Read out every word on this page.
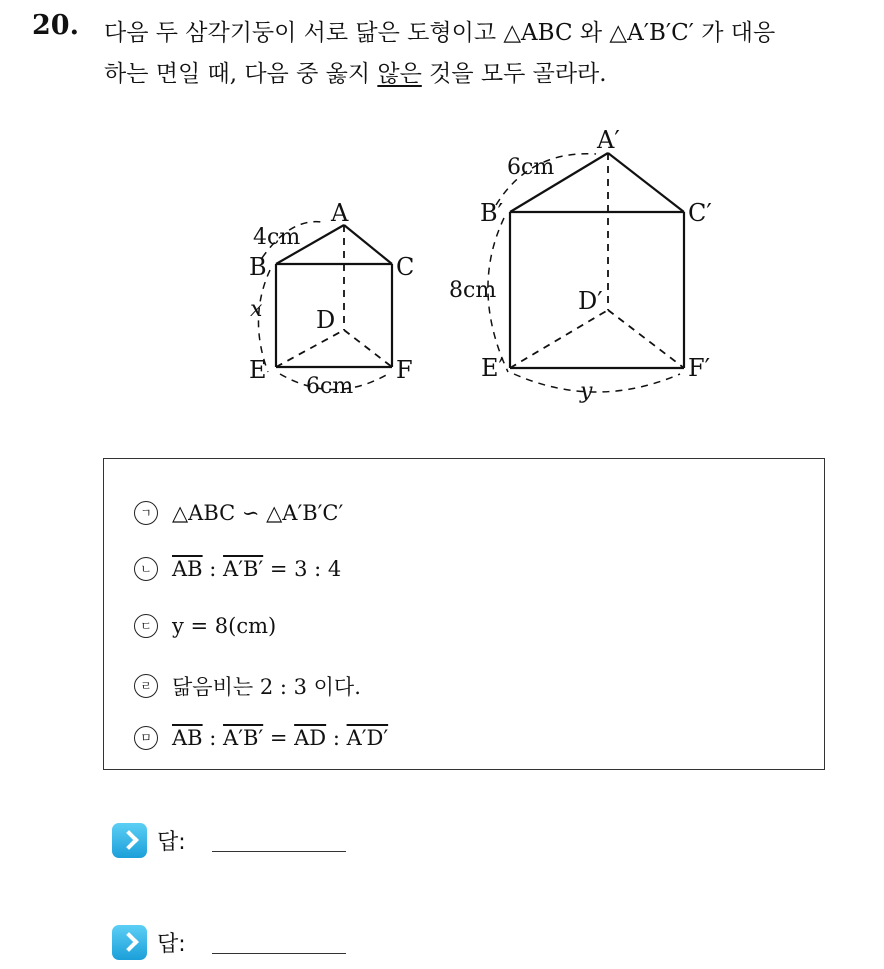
20. 다음 두 삼각기둥이 서로 닮은 도형이고 △ABC 와 △A′B′C′ 가 대응
하는 면일 때, 다음 중 옳지 않은 것을 모두 골라라.
A
B	C
D
E	F
4cm
x
6cm
A′
B′	C′
D′
E′	F′
6cm
8cm
y
ㄱ △ABC ∽ △A′B′C′
ㄴ $\overline{AB}$ : A′B′ = 3 : 4
ㄷ y = 8(cm)
ㄹ 닮음비는 2 : 3 이다.
ㅁ $\overline{AB}$ : $A'B' = \overline{AD}$ : A′D′
답:
답:
